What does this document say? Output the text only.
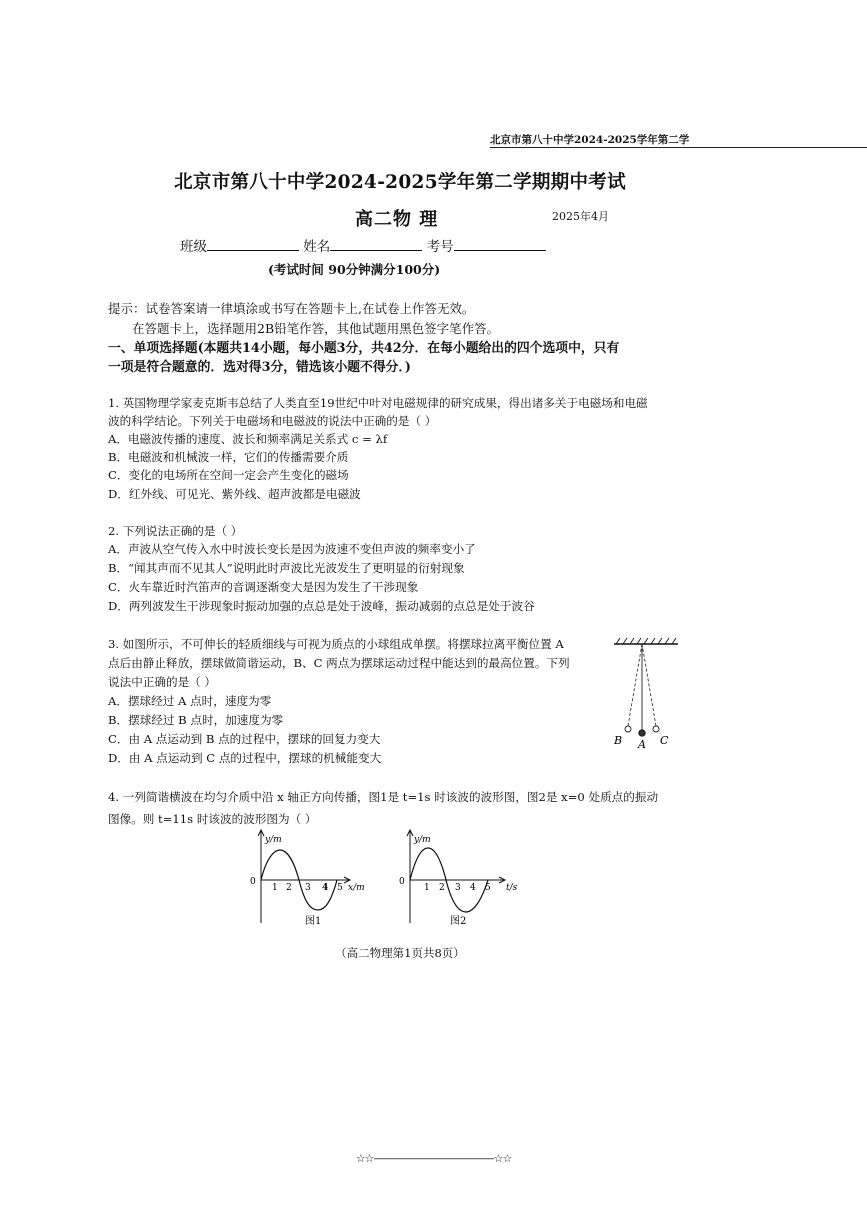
北京市第八十中学2024-2025学年第二学
北京市第八十中学2024-2025学年第二学期期中考试
高二物 理	2025年4月
班级	姓名	考号
(考试时间 90分钟满分100分)
提示：试卷答案请一律填涂或书写在答题卡上,在试卷上作答无效。
在答题卡上，选择题用2B铅笔作答，其他试题用黑色签字笔作答。
一、单项选择题(本题共14小题，每小题3分，共42分．在每小题给出的四个选项中，只有
一项是符合题意的．选对得3分，错选该小题不得分．)
1. 英国物理学家麦克斯韦总结了人类直至19世纪中叶对电磁规律的研究成果，得出诸多关于电磁场和电磁
波的科学结论。下列关于电磁场和电磁波的说法中正确的是（ ）
A．电磁波传播的速度、波长和频率满足关系式 c = λf
B．电磁波和机械波一样，它们的传播需要介质
C．变化的电场所在空间一定会产生变化的磁场
D．红外线、可见光、紫外线、超声波都是电磁波
2. 下列说法正确的是（ ）
A．声波从空气传入水中时波长变长是因为波速不变但声波的频率变小了
B．“闻其声而不见其人”说明此时声波比光波发生了更明显的衍射现象
C．火车靠近时汽笛声的音调逐渐变大是因为发生了干涉现象
D．两列波发生干涉现象时振动加强的点总是处于波峰，振动减弱的点总是处于波谷
3. 如图所示，不可伸长的轻质细线与可视为质点的小球组成单摆。将摆球拉离平衡位置 A
点后由静止释放，摆球做简谐运动，B、C 两点为摆球运动过程中能达到的最高位置。下列
说法中正确的是（ ）
A．摆球经过 A 点时，速度为零
B．摆球经过 B 点时，加速度为零
C．由 A 点运动到 B 点的过程中，摆球的回复力变大
D．由 A 点运动到 C 点的过程中，摆球的机械能变大
B A C
4. 一列简谐横波在均匀介质中沿 x 轴正方向传播，图1是 t=1s 时该波的波形图，图2是 x=0 处质点的振动
图像。则 t=11s 时该波的波形图为（ ）
y/m
0
1 2 3 4 5 x/m
图1
y/m
0
1 2 3 4 5 t/s
图2
（高二物理第1页共8页）
☆☆————————————☆☆
